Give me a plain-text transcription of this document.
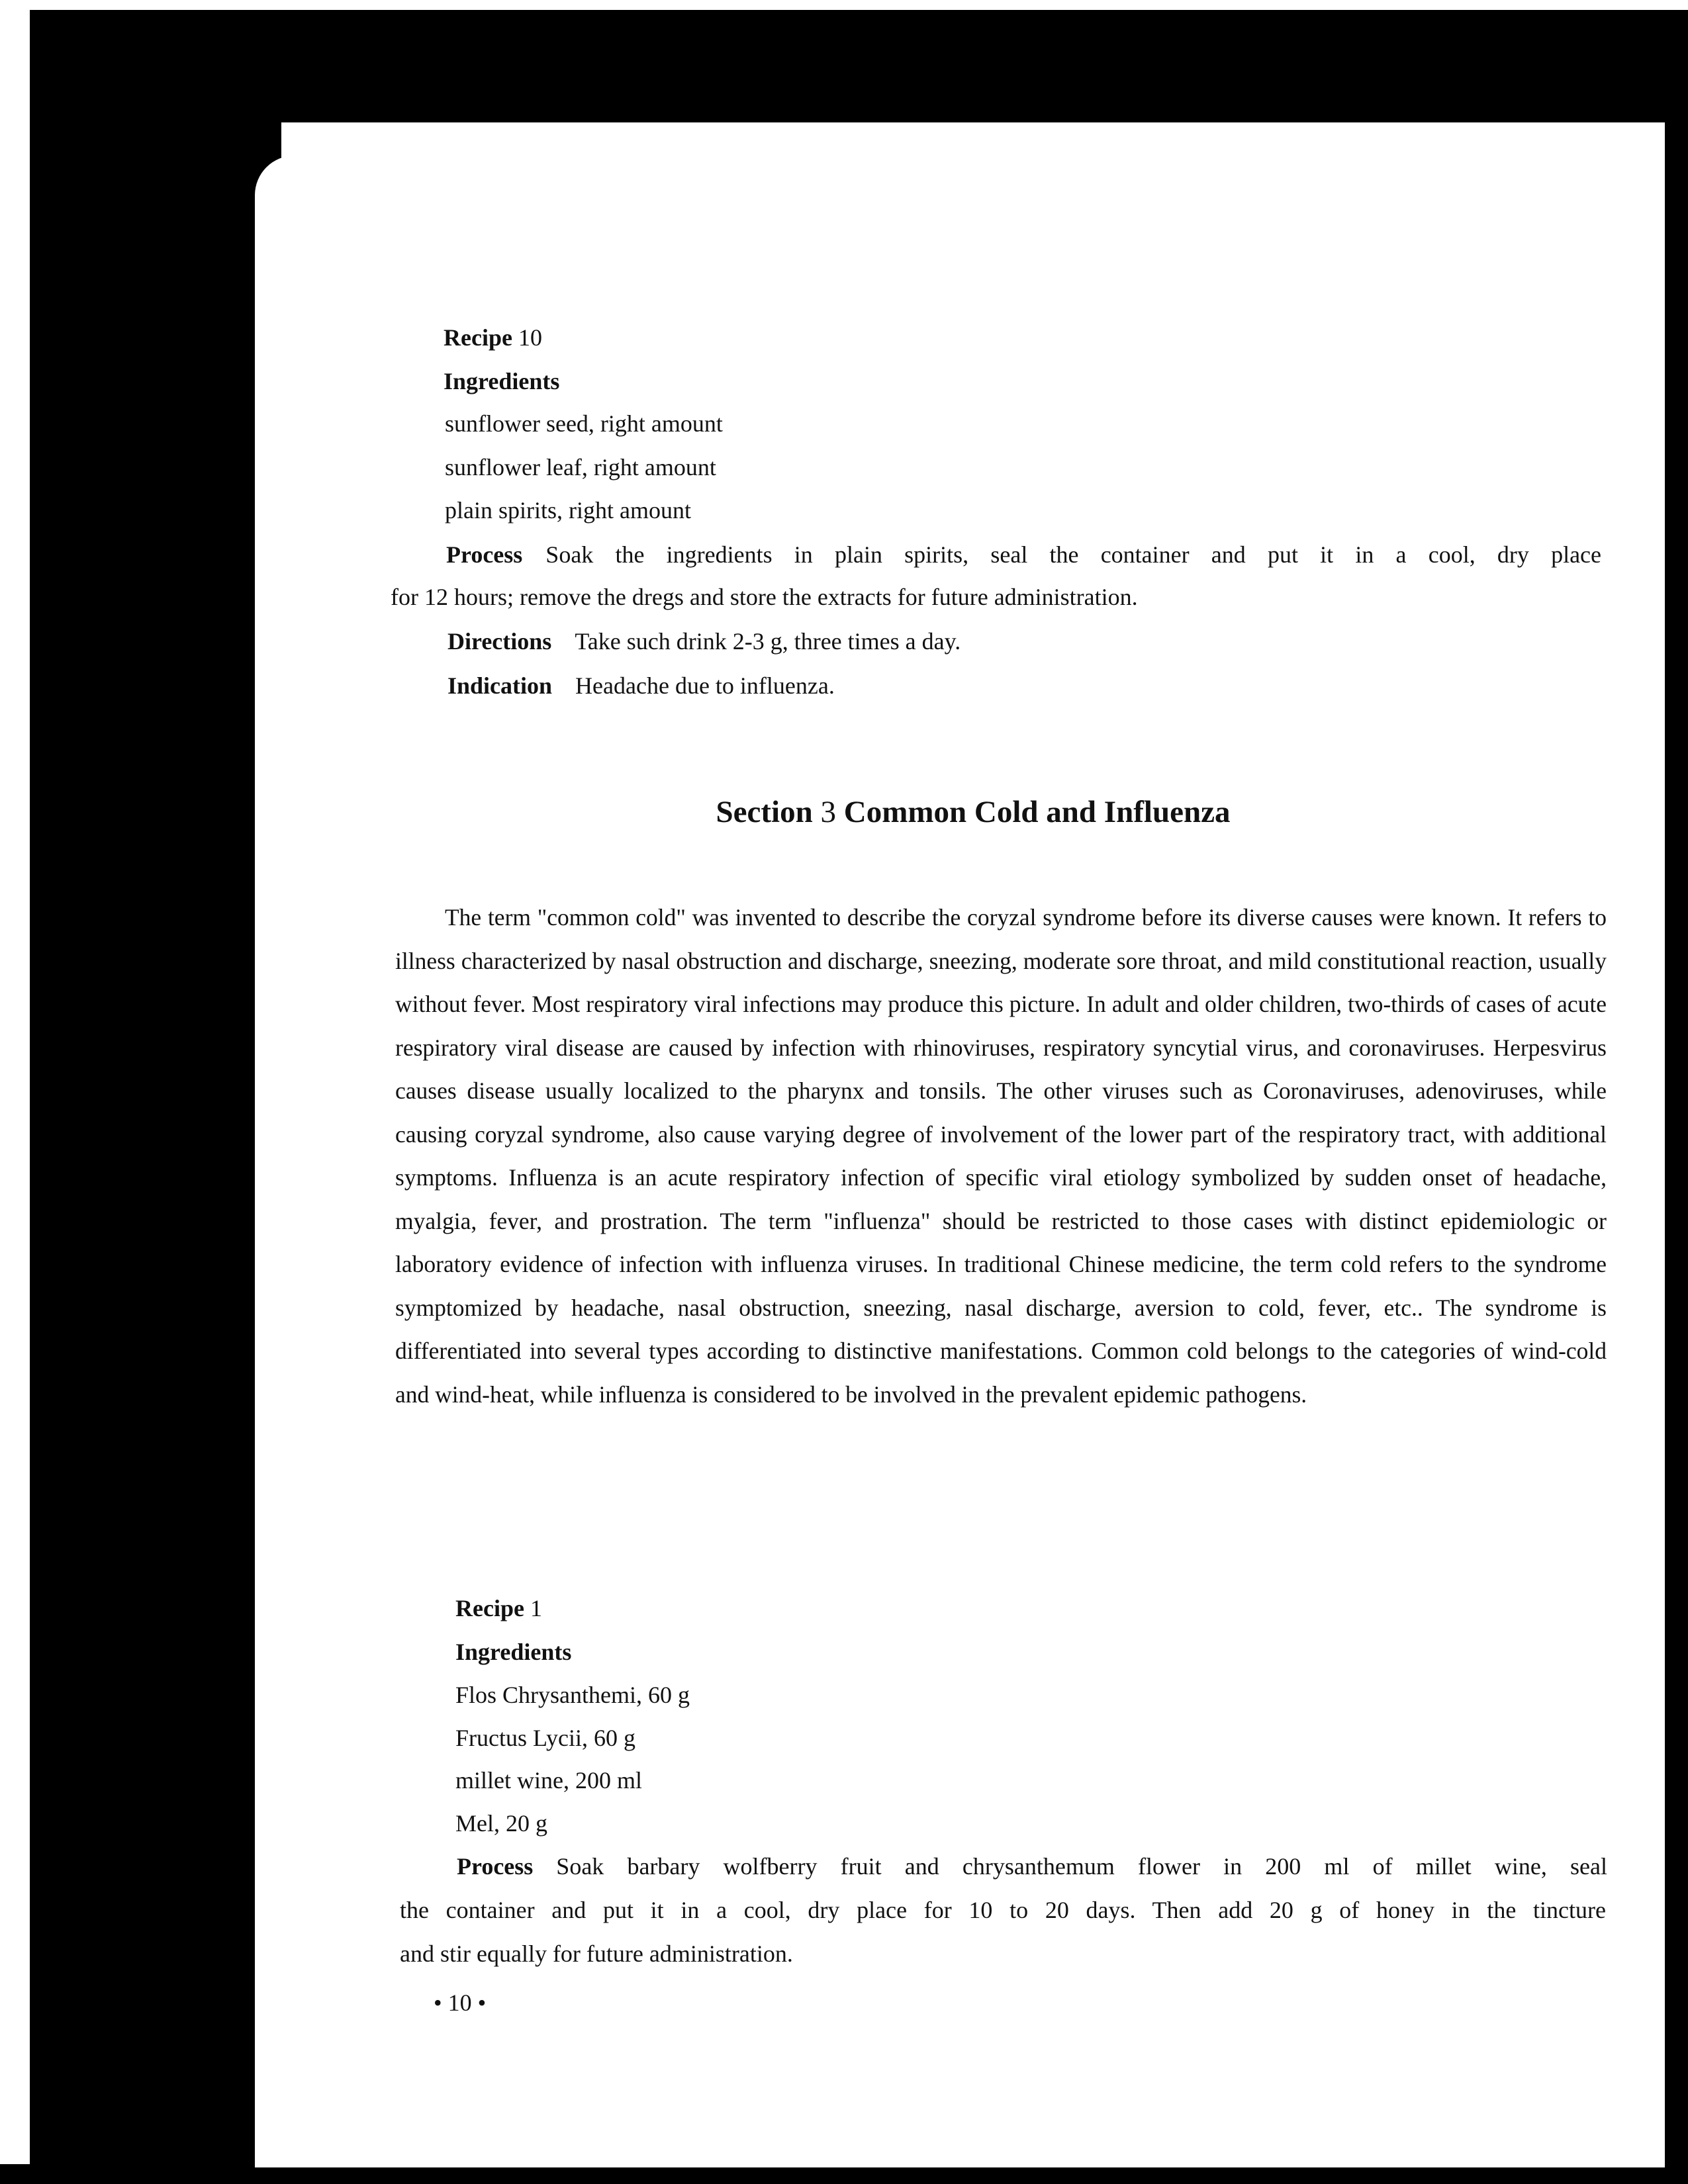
Recipe 10
Ingredients
sunflower seed, right amount
sunflower leaf, right amount
plain spirits, right amount
Process Soak the ingredients in plain spirits, seal the container and put it in a cool, dry place
for 12 hours; remove the dregs and store the extracts for future administration.
Directions Take such drink 2-3 g, three times a day.
Indication Headache due to influenza.
Section 3 Common Cold and Influenza

The term "common cold" was invented to describe the coryzal syndrome before its diverse causes were known. It refers to illness characterized by nasal obstruction and discharge, sneezing, moderate sore throat, and mild constitutional reaction, usually without fever. Most respiratory viral infections may produce this picture. In adult and older children, two-thirds of cases of acute respiratory viral disease are caused by infection with rhinoviruses, respiratory syncytial virus, and coronaviruses. Herpesvirus causes disease usually localized to the pharynx and tonsils. The other viruses such as Coronaviruses, adenoviruses, while causing coryzal syndrome, also cause varying degree of involvement of the lower part of the respiratory tract, with additional symptoms. Influenza is an acute respiratory infection of specific viral etiology symbolized by sudden onset of headache, myalgia, fever, and prostration. The term "influenza" should be restricted to those cases with distinct epidemiologic or laboratory evidence of infection with influenza viruses. In traditional Chinese medicine, the term cold refers to the syndrome symptomized by headache, nasal obstruction, sneezing, nasal discharge, aversion to cold, fever, etc.. The syndrome is differentiated into several types according to distinctive manifestations. Common cold belongs to the categories of wind-cold and wind-heat, while influenza is considered to be involved in the prevalent epidemic pathogens.

Recipe 1
Ingredients
Flos Chrysanthemi, 60 g
Fructus Lycii, 60 g
millet wine, 200 ml
Mel, 20 g
Process Soak barbary wolfberry fruit and chrysanthemum flower in 200 ml of millet wine, seal
the container and put it in a cool, dry place for 10 to 20 days. Then add 20 g of honey in the tincture
and stir equally for future administration.
• 10 •
